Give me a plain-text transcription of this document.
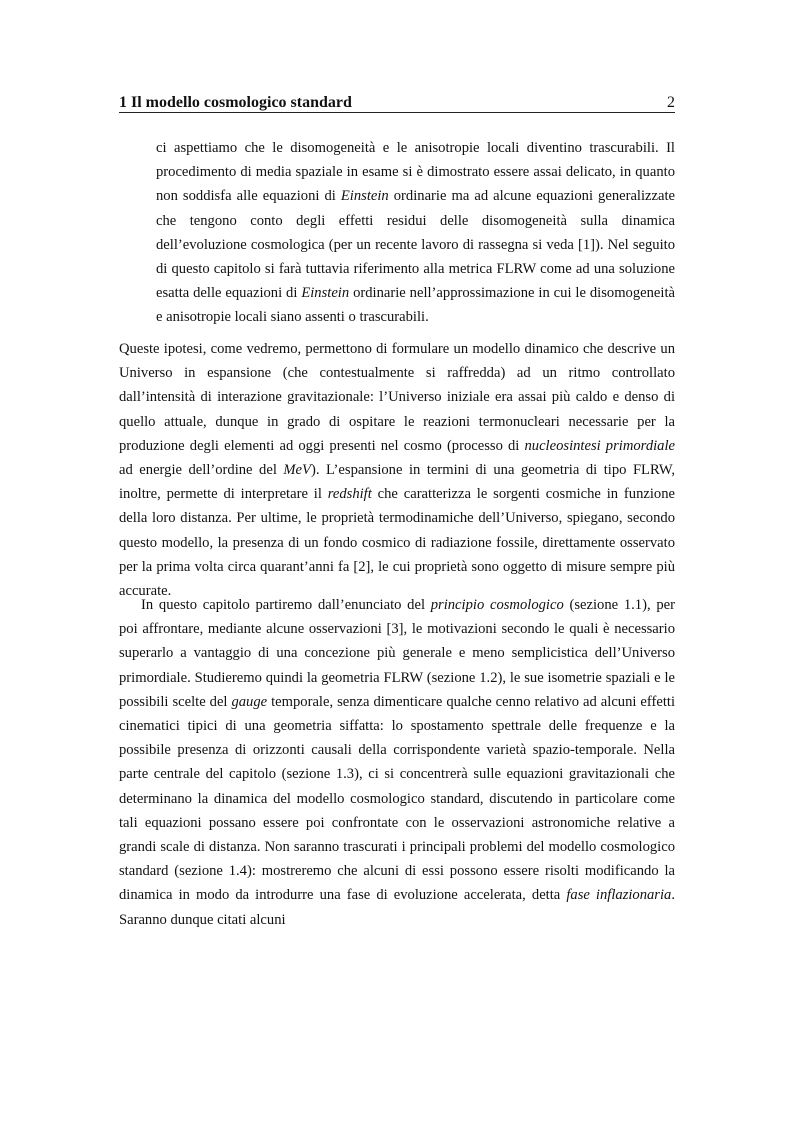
1 Il modello cosmologico standard	2

ci aspettiamo che le disomogeneità e le anisotropie locali diventino trascurabili. Il procedimento di media spaziale in esame si è dimostrato essere assai delicato, in quanto non soddisfa alle equazioni di Einstein ordinarie ma ad alcune equazioni generalizzate che tengono conto degli effetti residui delle disomogeneità sulla dinamica dell’evoluzione cosmologica (per un recente lavoro di rassegna si veda [1]). Nel seguito di questo capitolo si farà tuttavia riferimento alla metrica FLRW come ad una soluzione esatta delle equazioni di Einstein ordinarie nell’approssimazione in cui le disomogeneità e anisotropie locali siano assenti o trascurabili.

Queste ipotesi, come vedremo, permettono di formulare un modello dinamico che descrive un Universo in espansione (che contestualmente si raffredda) ad un ritmo controllato dall’intensità di interazione gravitazionale: l’Universo iniziale era assai più caldo e denso di quello attuale, dunque in grado di ospitare le reazioni termonucleari necessarie per la produzione degli elementi ad oggi presenti nel cosmo (processo di nucleosintesi primordiale ad energie dell’ordine del MeV). L’espansione in termini di una geometria di tipo FLRW, inoltre, permette di interpretare il redshift che caratterizza le sorgenti cosmiche in funzione della loro distanza. Per ultime, le proprietà termodinamiche dell’Universo, spiegano, secondo questo modello, la presenza di un fondo cosmico di radiazione fossile, direttamente osservato per la prima volta circa quarant’anni fa [2], le cui proprietà sono oggetto di misure sempre più accurate.

In questo capitolo partiremo dall’enunciato del principio cosmologico (sezione 1.1), per poi affrontare, mediante alcune osservazioni [3], le motivazioni secondo le quali è necessario superarlo a vantaggio di una concezione più generale e meno semplicistica dell’Universo primordiale. Studieremo quindi la geometria FLRW (sezione 1.2), le sue isometrie spaziali e le possibili scelte del gauge temporale, senza dimenticare qualche cenno relativo ad alcuni effetti cinematici tipici di una geometria siffatta: lo spostamento spettrale delle frequenze e la possibile presenza di orizzonti causali della corrispondente varietà spazio-temporale. Nella parte centrale del capitolo (sezione 1.3), ci si concentrerà sulle equazioni gravitazionali che determinano la dinamica del modello cosmologico standard, discutendo in particolare come tali equazioni possano essere poi confrontate con le osservazioni astronomiche relative a grandi scale di distanza. Non saranno trascurati i principali problemi del modello cosmologico standard (sezione 1.4): mostreremo che alcuni di essi possono essere risolti modificando la dinamica in modo da introdurre una fase di evoluzione accelerata, detta fase inflazionaria. Saranno dunque citati alcuni
